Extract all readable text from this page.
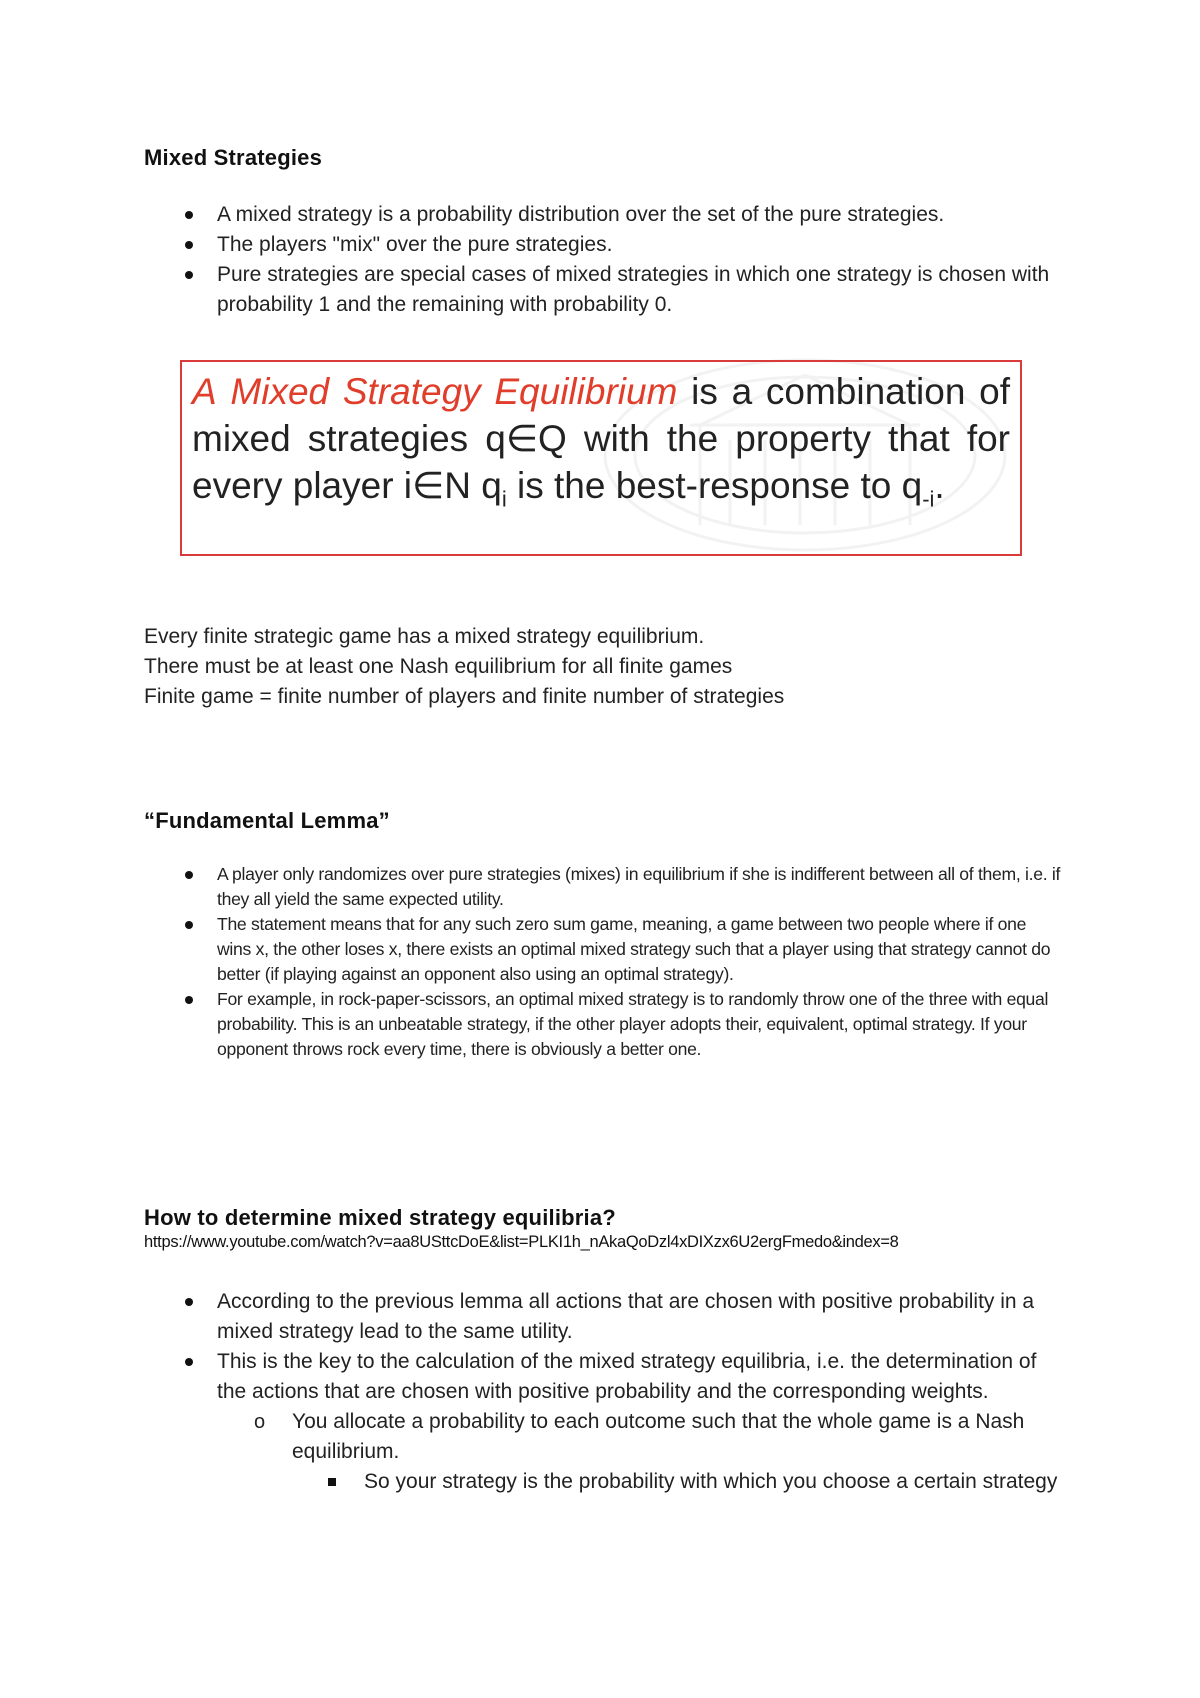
Mixed Strategies
A mixed strategy is a probability distribution over the set of the pure strategies.
The players "mix" over the pure strategies.
Pure strategies are special cases of mixed strategies in which one strategy is chosen with probability 1 and the remaining with probability 0.
A Mixed Strategy Equilibrium is a combination of mixed strategies q∈Q with the property that for every player i∈N $q_i$ is the best-response to $q_{-i}$.

Every finite strategic game has a mixed strategy equilibrium.

There must be at least one Nash equilibrium for all finite games

Finite game = finite number of players and finite number of strategies

“Fundamental Lemma”
A player only randomizes over pure strategies (mixes) in equilibrium if she is indifferent between all of them, i.e. if they all yield the same expected utility.
The statement means that for any such zero sum game, meaning, a game between two people where if one wins x, the other loses x, there exists an optimal mixed strategy such that a player using that strategy cannot do better (if playing against an opponent also using an optimal strategy).
For example, in rock-paper-scissors, an optimal mixed strategy is to randomly throw one of the three with equal probability. This is an unbeatable strategy, if the other player adopts their, equivalent, optimal strategy. If your opponent throws rock every time, there is obviously a better one.
How to determine mixed strategy equilibria?

https://www.youtube.com/watch?v=aa8USttcDoE&list=PLKI1h_nAkaQoDzl4xDIXzx6U2ergFmedo&index=8

According to the previous lemma all actions that are chosen with positive probability in a mixed strategy lead to the same utility.
This is the key to the calculation of the mixed strategy equilibria, i.e. the determination of the actions that are chosen with positive probability and the corresponding weights.
o You allocate a probability to each outcome such that the whole game is a Nash equilibrium.
So your strategy is the probability with which you choose a certain strategy
